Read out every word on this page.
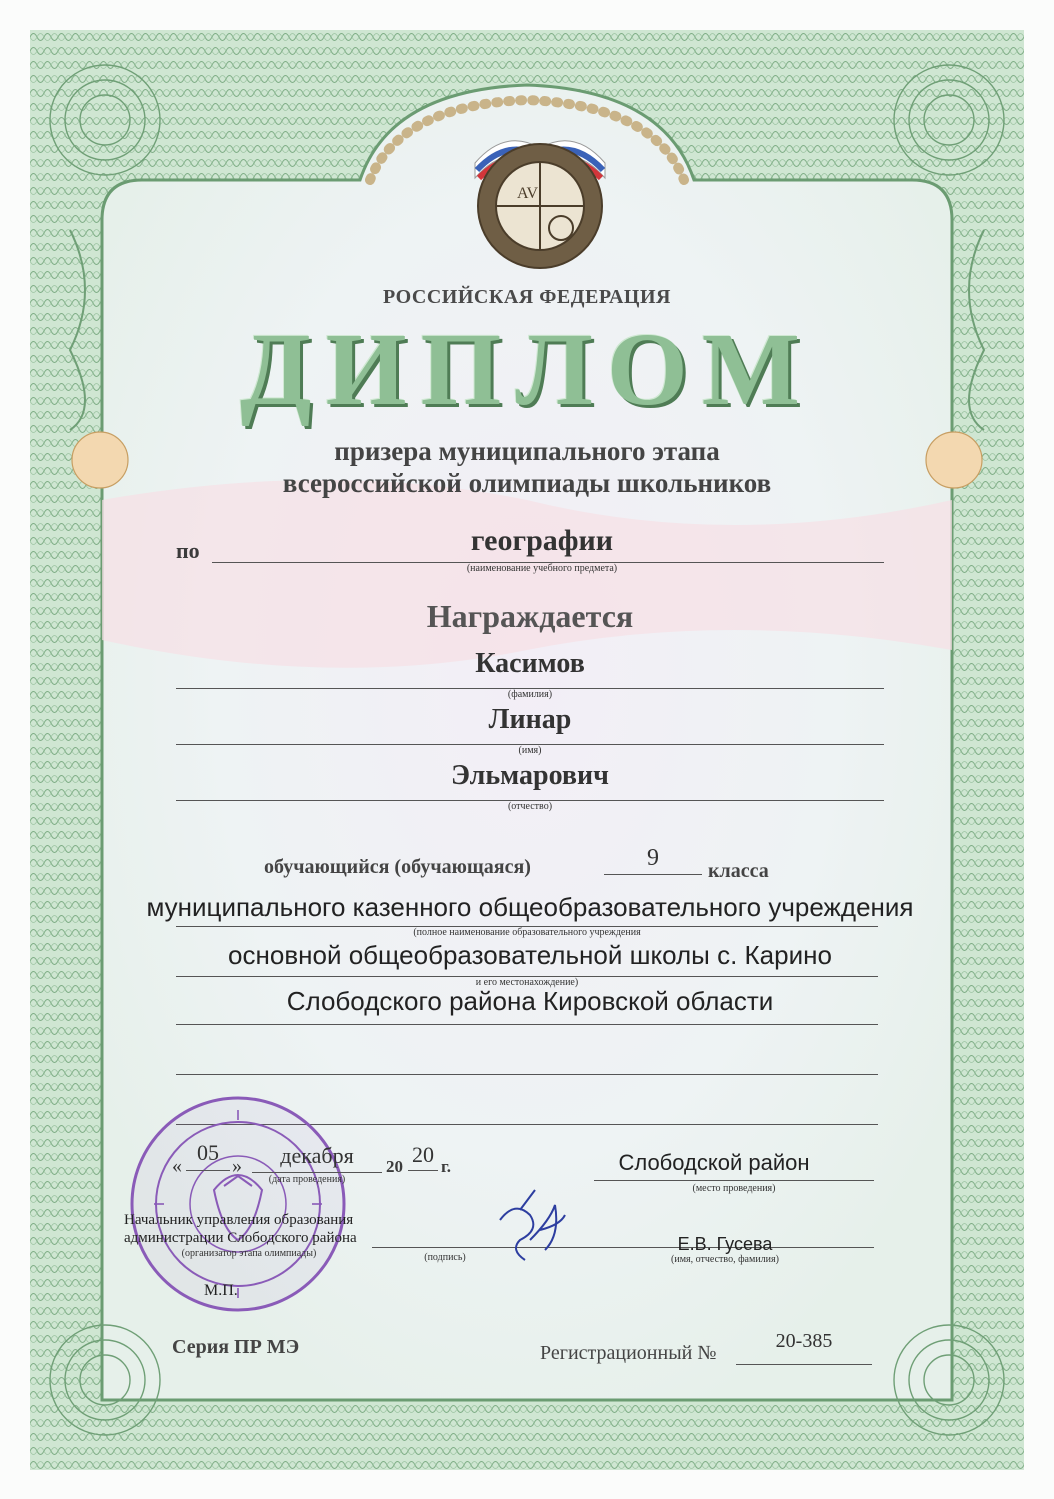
AV
РОССИЙСКАЯ ФЕДЕРАЦИЯ
ДИПЛОМ
призера муниципального этапа
всероссийской олимпиады школьников
по	географии
(наименование учебного предмета)
Награждается
Касимов
(фамилия)
Линар
(имя)
Эльмарович
(отчество)
обучающийся (обучающаяся)	9	класса
муниципального казенного общеобразовательного учреждения
(полное наименование образовательного учреждения
основной общеобразовательной школы с. Карино
и его местонахождение)
Слободского района Кировской области
«
05
»	декабря
(дата проведения)
20 20 г.	Слободской район
(место проведения)
Начальник управления образования
администрации Слободского района
(организатор этапа олимпиады)	(подпись)
Е.В. Гусева
(имя, отчество, фамилия)
М.П.
Серия ПР МЭ	Регистрационный №
20-385
